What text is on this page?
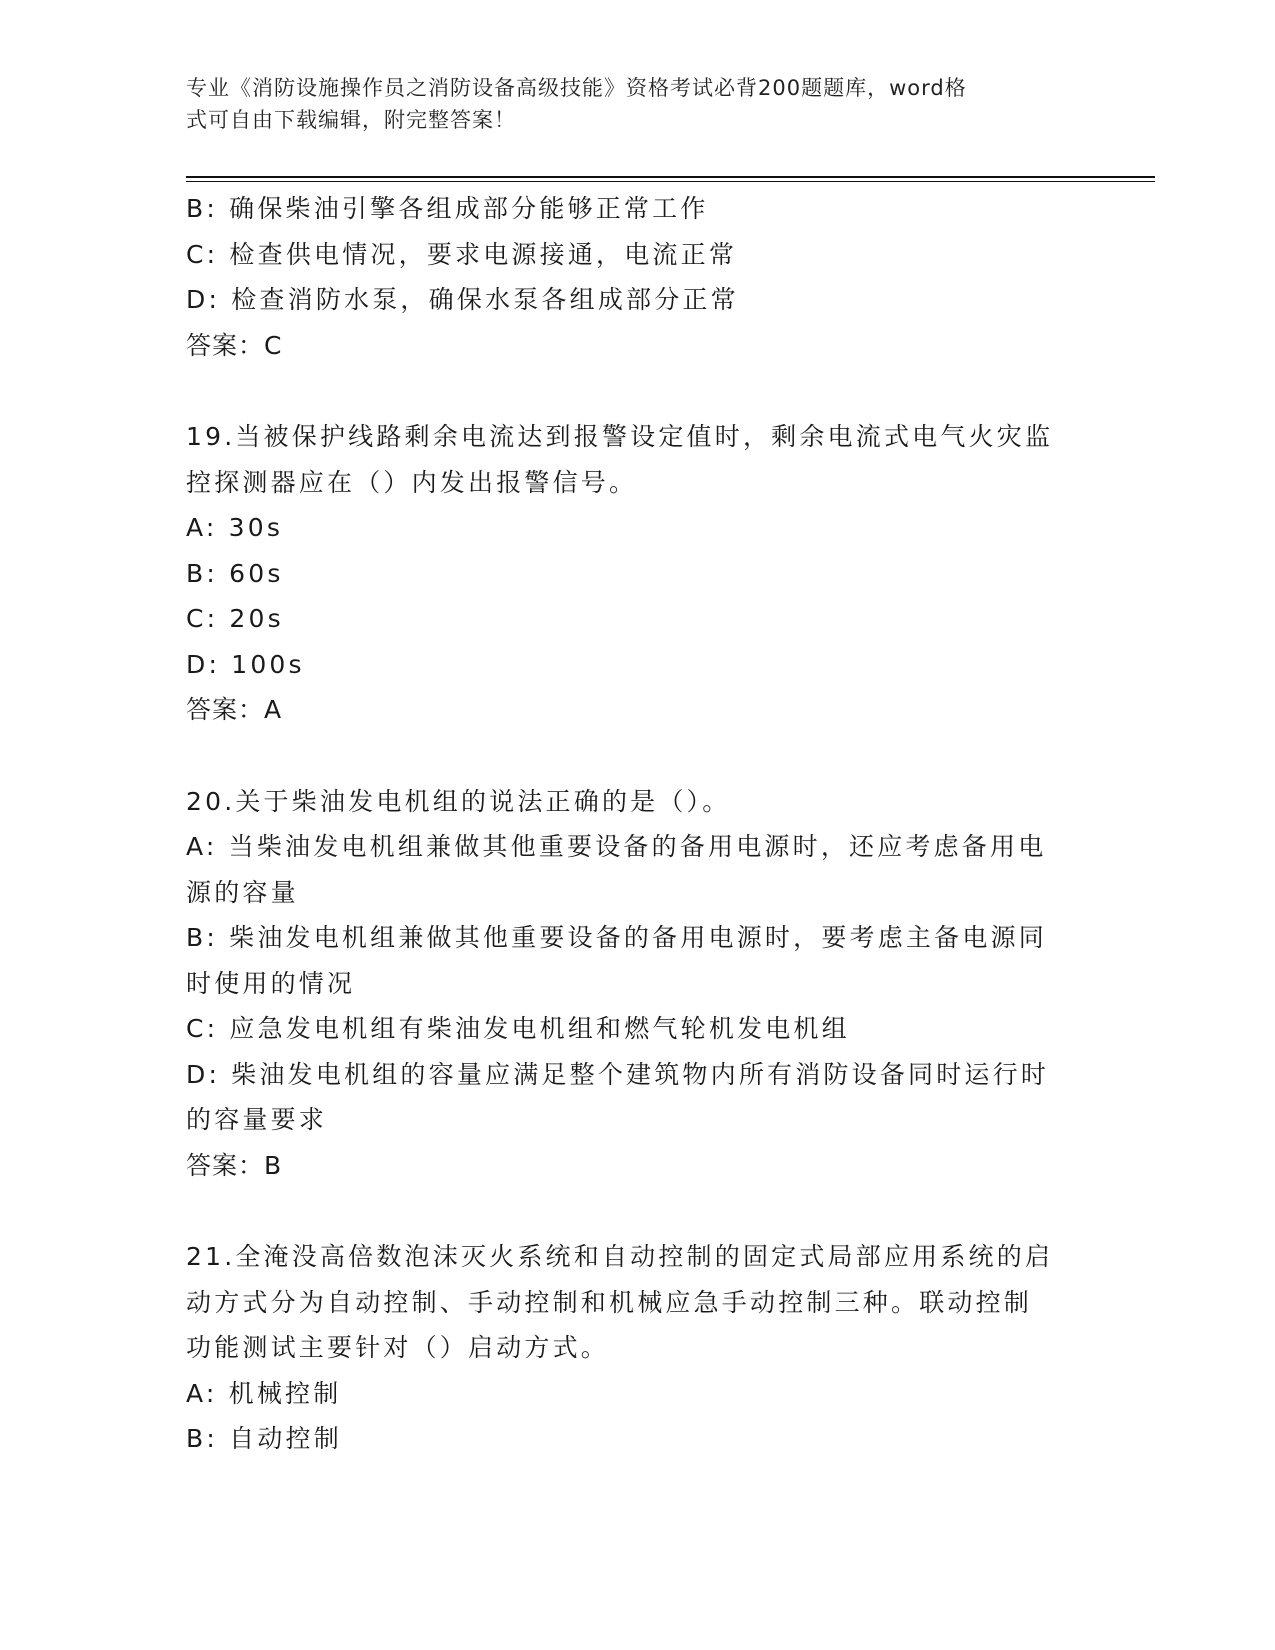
专业《消防设施操作员之消防设备高级技能》资格考试必背200题题库，word格
式可自由下载编辑，附完整答案！
B: 确保柴油引擎各组成部分能够正常工作
C: 检查供电情况，要求电源接通，电流正常
D: 检查消防水泵，确保水泵各组成部分正常
答案：C
19.当被保护线路剩余电流达到报警设定值时，剩余电流式电气火灾监
控探测器应在（）内发出报警信号。
A: 30s
B: 60s
C: 20s
D: 100s
答案：A
20.关于柴油发电机组的说法正确的是（）。
A: 当柴油发电机组兼做其他重要设备的备用电源时，还应考虑备用电
源的容量
B: 柴油发电机组兼做其他重要设备的备用电源时，要考虑主备电源同
时使用的情况
C: 应急发电机组有柴油发电机组和燃气轮机发电机组
D: 柴油发电机组的容量应满足整个建筑物内所有消防设备同时运行时
的容量要求
答案：B
21.全淹没高倍数泡沫灭火系统和自动控制的固定式局部应用系统的启
动方式分为自动控制、手动控制和机械应急手动控制三种。联动控制
功能测试主要针对（）启动方式。
A: 机械控制
B: 自动控制
